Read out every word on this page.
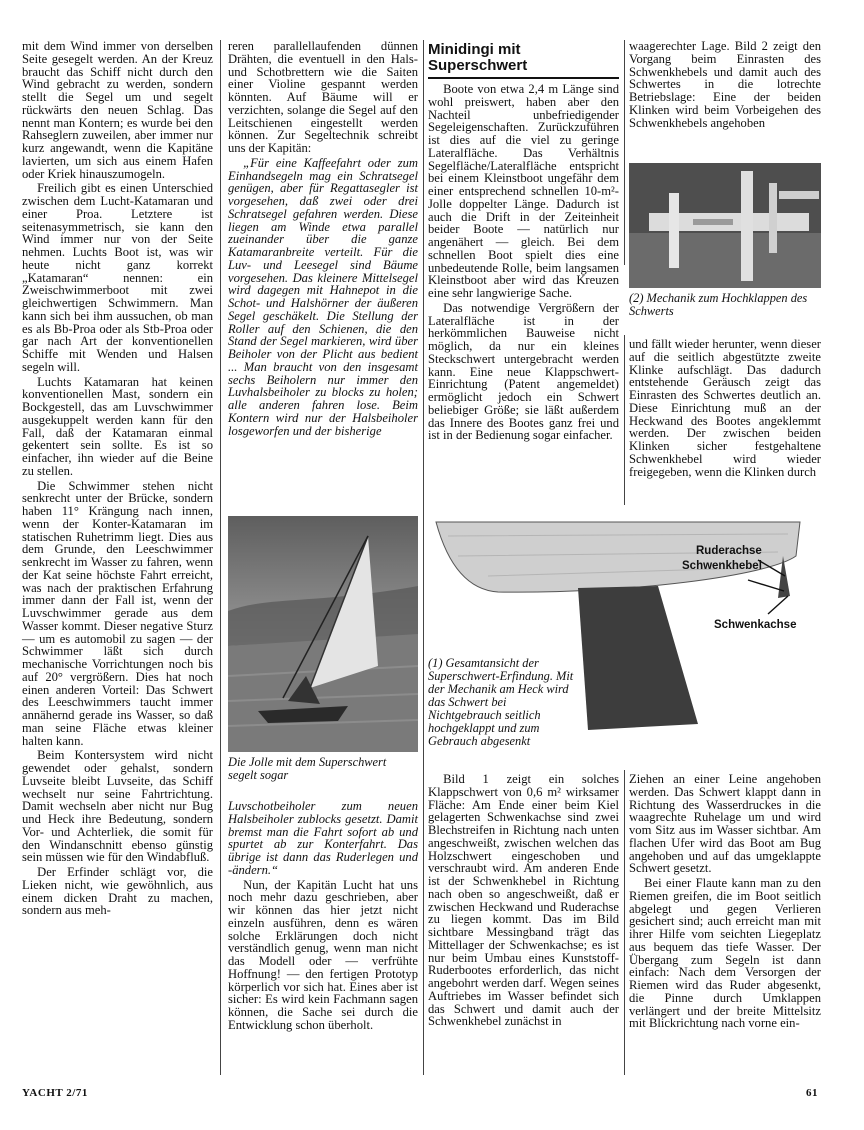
mit dem Wind immer von derselben Seite gesegelt werden. An der Kreuz braucht das Schiff nicht durch den Wind gebracht zu werden, sondern stellt die Segel um und segelt rückwärts den neuen Schlag. Das nennt man Kontern; es wurde bei den Rahseglern zuweilen, aber immer nur kurz angewandt, wenn die Kapitäne lavierten, um sich aus einem Hafen oder Kriek hinauszumogeln.

Freilich gibt es einen Unterschied zwischen dem Lucht-Katamaran und einer Proa. Letztere ist seitenasymmetrisch, sie kann den Wind immer nur von der Seite nehmen. Luchts Boot ist, was wir heute nicht ganz korrekt „Katamaran“ nennen: ein Zweischwimmerboot mit zwei gleichwertigen Schwimmern. Man kann sich bei ihm aussuchen, ob man es als Bb-Proa oder als Stb-Proa oder gar nach Art der konventionellen Schiffe mit Wenden und Halsen segeln will.

Luchts Katamaran hat keinen konventionellen Mast, sondern ein Bockgestell, das am Luvschwimmer ausgekuppelt werden kann für den Fall, daß der Katamaran einmal gekentert sein sollte. Es ist so einfacher, ihn wieder auf die Beine zu stellen.

Die Schwimmer stehen nicht senkrecht unter der Brücke, sondern haben 11° Krängung nach innen, wenn der Konter-Katamaran im statischen Ruhetrimm liegt. Dies aus dem Grunde, den Leeschwimmer senkrecht im Wasser zu fahren, wenn der Kat seine höchste Fahrt erreicht, was nach der praktischen Erfahrung immer dann der Fall ist, wenn der Luvschwimmer gerade aus dem Wasser kommt. Dieser negative Sturz — um es automobil zu sagen — der Schwimmer läßt sich durch mechanische Vorrichtungen noch bis auf 20° vergrößern. Dies hat noch einen anderen Vorteil: Das Schwert des Leeschwimmers taucht immer annähernd gerade ins Wasser, so daß man seine Fläche etwas kleiner halten kann.

Beim Kontersystem wird nicht gewendet oder gehalst, sondern Luvseite bleibt Luvseite, das Schiff wechselt nur seine Fahrtrichtung. Damit wechseln aber nicht nur Bug und Heck ihre Bedeutung, sondern Vor- und Achterliek, die somit für den Windanschnitt ebenso günstig sein müssen wie für den Windabfluß.

Der Erfinder schlägt vor, die Lieken nicht, wie gewöhnlich, aus einem dicken Draht zu machen, sondern aus meh-

reren parallellaufenden dünnen Drähten, die eventuell in den Hals- und Schotbrettern wie die Saiten einer Violine gespannt werden könnten. Auf Bäume will er verzichten, solange die Segel auf den Leitschienen eingestellt werden können. Zur Segeltechnik schreibt uns der Kapitän:

„Für eine Kaffeefahrt oder zum Einhandsegeln mag ein Schratsegel genügen, aber für Regattasegler ist vorgesehen, daß zwei oder drei Schratsegel gefahren werden. Diese liegen am Winde etwa parallel zueinander über die ganze Katamaranbreite verteilt. Für die Luv- und Leesegel sind Bäume vorgesehen. Das kleinere Mittelsegel wird dagegen mit Hahnepot in die Schot- und Halshörner der äußeren Segel geschäkelt. Die Stellung der Roller auf den Schienen, die den Stand der Segel markieren, wird über Beiholer von der Plicht aus bedient ... Man braucht von den insgesamt sechs Beiholern nur immer den Luvhalsbeiholer zu blocks zu holen; alle anderen fahren lose. Beim Kontern wird nur der Halsbeiholer losgeworfen und der bisherige

Die Jolle mit dem Superschwert segelt sogar

Luvschotbeiholer zum neuen Halsbeiholer zublocks gesetzt. Damit bremst man die Fahrt sofort ab und spurtet ab zur Konterfahrt. Das übrige ist dann das Ruderlegen und -ändern.“

Nun, der Kapitän Lucht hat uns noch mehr dazu geschrieben, aber wir können das hier jetzt nicht einzeln ausführen, denn es wären solche Erklärungen doch nicht verständlich genug, wenn man nicht das Modell oder — verfrühte Hoffnung! — den fertigen Prototyp körperlich vor sich hat. Eines aber ist sicher: Es wird kein Fachmann sagen können, die Sache sei durch die Entwicklung schon überholt.

Minidingi mit
Superschwert

Boote von etwa 2,4 m Länge sind wohl preiswert, haben aber den Nachteil unbefriedigender Segeleigenschaften. Zurückzuführen ist dies auf die viel zu geringe Lateralfläche. Das Verhältnis Segelfläche/Lateralfläche entspricht bei einem Kleinstboot ungefähr dem einer entsprechend schnellen 10-m²-Jolle doppelter Länge. Dadurch ist auch die Drift in der Zeiteinheit beider Boote — natürlich nur angenähert — gleich. Bei dem schnellen Boot spielt dies eine unbedeutende Rolle, beim langsamen Kleinstboot aber wird das Kreuzen eine sehr langwierige Sache.

Das notwendige Vergrößern der Lateralfläche ist in der herkömmlichen Bauweise nicht möglich, da nur ein kleines Steckschwert untergebracht werden kann. Eine neue Klappschwert-Einrichtung (Patent angemeldet) ermöglicht jedoch ein Schwert beliebiger Größe; sie läßt außerdem das Innere des Bootes ganz frei und ist in der Bedienung sogar einfacher.

Ruderachse
Schwenkhebel
Schwenkachse
(1) Gesamtansicht der Superschwert-Erfindung. Mit der Mechanik am Heck wird das Schwert bei Nichtgebrauch seitlich hochgeklappt und zum Gebrauch abgesenkt

Bild 1 zeigt ein solches Klappschwert von 0,6 m² wirksamer Fläche: Am Ende einer beim Kiel gelagerten Schwenkachse sind zwei Blechstreifen in Richtung nach unten angeschweißt, zwischen welchen das Holzschwert eingeschoben und verschraubt wird. Am anderen Ende ist der Schwenkhebel in Richtung nach oben so angeschweißt, daß er zwischen Heckwand und Ruderachse zu liegen kommt. Das im Bild sichtbare Messingband trägt das Mittellager der Schwenkachse; es ist nur beim Umbau eines Kunststoff-Ruderbootes erforderlich, das nicht angebohrt werden darf. Wegen seines Auftriebes im Wasser befindet sich das Schwert und damit auch der Schwenkhebel zunächst in

waagerechter Lage. Bild 2 zeigt den Vorgang beim Einrasten des Schwenkhebels und damit auch des Schwertes in die lotrechte Betriebslage: Eine der beiden Klinken wird beim Vorbeigehen des Schwenkhebels angehoben

(2) Mechanik zum Hochklappen des Schwerts

und fällt wieder herunter, wenn dieser auf die seitlich abgestützte zweite Klinke aufschlägt. Das dadurch entstehende Geräusch zeigt das Einrasten des Schwertes deutlich an. Diese Einrichtung muß an der Heckwand des Bootes angeklemmt werden. Der zwischen beiden Klinken sicher festgehaltene Schwenkhebel wird wieder freigegeben, wenn die Klinken durch

Ziehen an einer Leine angehoben werden. Das Schwert klappt dann in Richtung des Wasserdruckes in die waagrechte Ruhelage um und wird vom Sitz aus im Wasser sichtbar. Am flachen Ufer wird das Boot am Bug angehoben und auf das umgeklappte Schwert gesetzt.

Bei einer Flaute kann man zu den Riemen greifen, die im Boot seitlich abgelegt und gegen Verlieren gesichert sind; auch erreicht man mit ihrer Hilfe vom seichten Liegeplatz aus bequem das tiefe Wasser. Der Übergang zum Segeln ist dann einfach: Nach dem Versorgen der Riemen wird das Ruder abgesenkt, die Pinne durch Umklappen verlängert und der breite Mittelsitz mit Blickrichtung nach vorne ein-

YACHT 2/71	61
